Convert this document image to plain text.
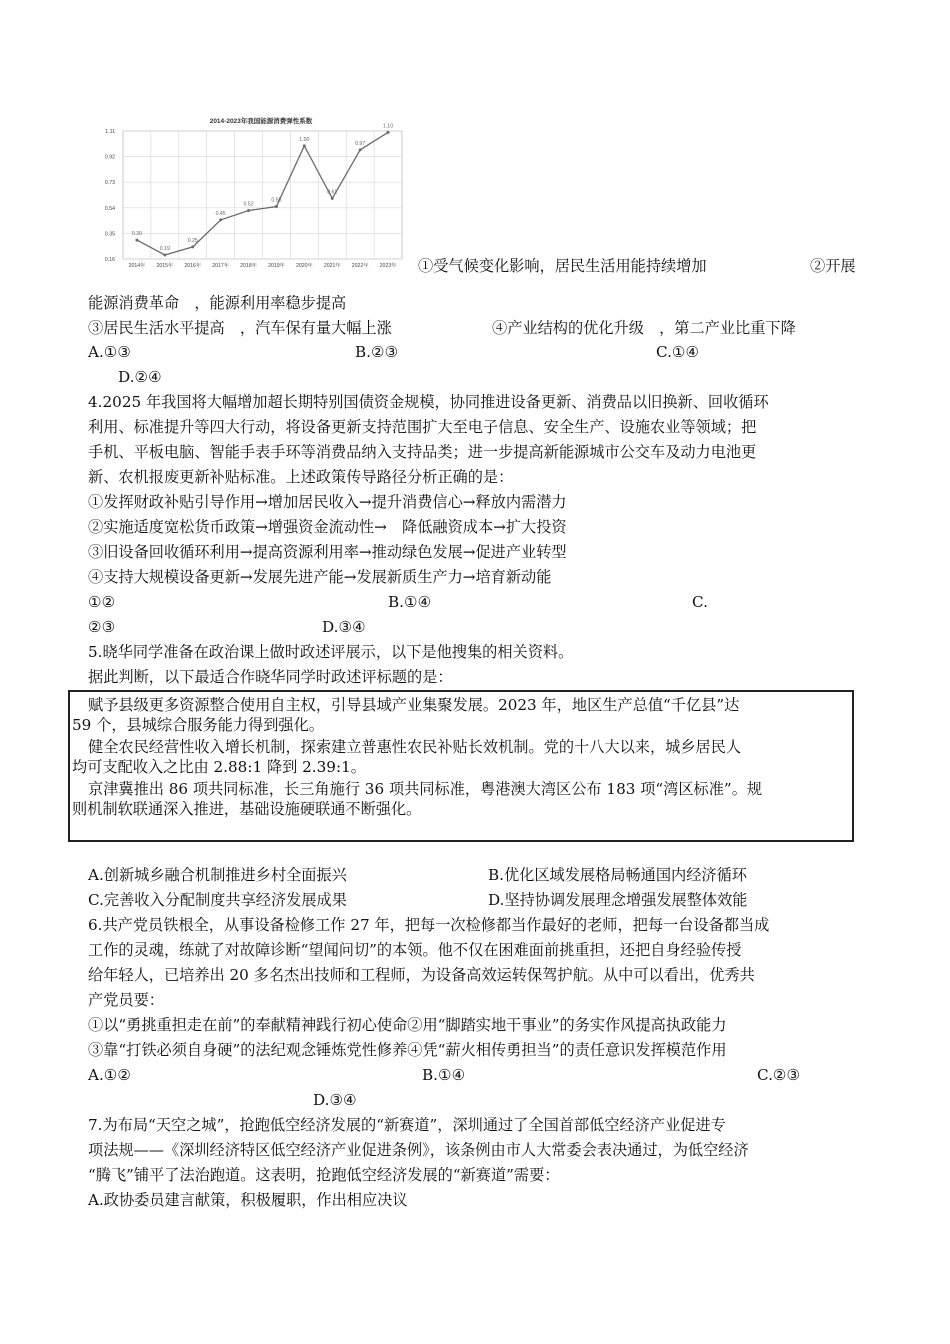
2014-2023年我国能源消费弹性系数
1.11
0.92
0.73
0.54
0.35
0.16
2014年 2015年 2016年 2017年 2018年 2019年 2020年 2021年 2022年 2023年
0.30
0.19
0.25
0.45
0.52
0.55
1.00
0.61
0.97
1.10
①受气候变化影响，居民生活用能持续增加	②开展
能源消费革命　，能源利用率稳步提高
③居民生活水平提高　，汽车保有量大幅上涨	④产业结构的优化升级　，第二产业比重下降
A.①③	B.②③	C.①④
D.②④
4.2025 年我国将大幅增加超长期特别国债资金规模，协同推进设备更新、消费品以旧换新、回收循环
利用、标准提升等四大行动，将设备更新支持范围扩大至电子信息、安全生产、设施农业等领域；把
手机、平板电脑、智能手表手环等消费品纳入支持品类；进一步提高新能源城市公交车及动力电池更
新、农机报废更新补贴标准。上述政策传导路径分析正确的是：
①发挥财政补贴引导作用→增加居民收入→提升消费信心→释放内需潜力
②实施适度宽松货币政策→增强资金流动性→　降低融资成本→扩大投资
③旧设备回收循环利用→提高资源利用率→推动绿色发展→促进产业转型
④支持大规模设备更新→发展先进产能→发展新质生产力→培育新动能
①②	B.①④	C.
②③	D.③④
5.晓华同学准备在政治课上做时政述评展示，以下是他搜集的相关资料。
据此判断，以下最适合作晓华同学时政述评标题的是：
赋予县级更多资源整合使用自主权，引导县域产业集聚发展。2023 年，地区生产总值“千亿县”达
59 个，县城综合服务能力得到强化。
健全农民经营性收入增长机制，探索建立普惠性农民补贴长效机制。党的十八大以来，城乡居民人
均可支配收入之比由 2.88:1 降到 2.39:1。
京津冀推出 86 项共同标准，长三角施行 36 项共同标准，粤港澳大湾区公布 183 项“湾区标准”。规
则机制软联通深入推进，基础设施硬联通不断强化。
A.创新城乡融合机制推进乡村全面振兴	B.优化区域发展格局畅通国内经济循环
C.完善收入分配制度共享经济发展成果	D.坚持协调发展理念增强发展整体效能
6.共产党员铁根全，从事设备检修工作 27 年，把每一次检修都当作最好的老师，把每一台设备都当成
工作的灵魂，练就了对故障诊断“望闻问切”的本领。他不仅在困难面前挑重担，还把自身经验传授
给年轻人，已培养出 20 多名杰出技师和工程师，为设备高效运转保驾护航。从中可以看出，优秀共
产党员要：
①以“勇挑重担走在前”的奉献精神践行初心使命②用“脚踏实地干事业”的务实作风提高执政能力
③靠“打铁必须自身硬”的法纪观念锤炼党性修养④凭“薪火相传勇担当”的责任意识发挥模范作用
A.①②	B.①④	C.②③
D.③④
7.为布局“天空之城”，抢跑低空经济发展的“新赛道”，深圳通过了全国首部低空经济产业促进专
项法规——《深圳经济特区低空经济产业促进条例》，该条例由市人大常委会表决通过，为低空经济
“腾飞”铺平了法治跑道。这表明，抢跑低空经济发展的“新赛道”需要：
A.政协委员建言献策，积极履职，作出相应决议
